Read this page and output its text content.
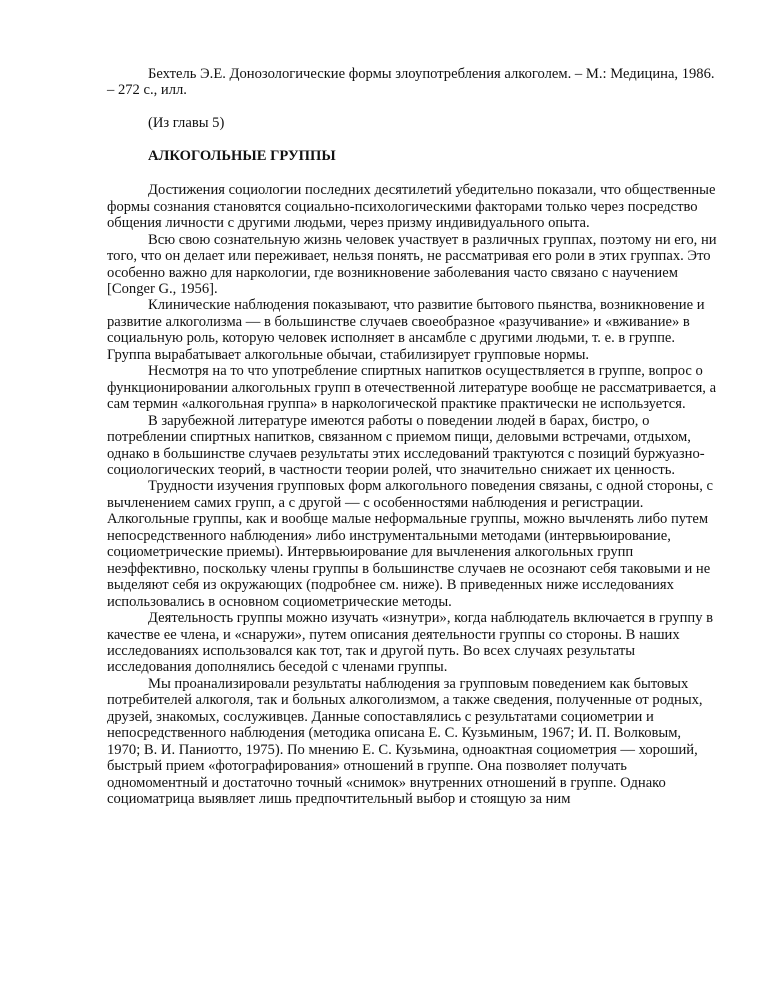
Бехтель Э.Е. Донозологические формы злоупотребления алкоголем. – М.: Медицина, 1986. – 272 с., илл.

(Из главы 5)

АЛКОГОЛЬНЫЕ ГРУППЫ

Достижения социологии последних десятилетий убедительно показали, что общественные формы сознания становятся социально-психологическими факторами только через посредство общения личности с другими людьми, через призму индивидуального опыта.

Всю свою сознательную жизнь человек участвует в различных группах, поэтому ни его, ни того, что он делает или переживает, нельзя понять, не рассматривая его роли в этих группах. Это особенно важно для наркологии, где возникновение заболевания часто связано с научением [Conger G., 1956].

Клинические наблюдения показывают, что развитие бытового пьянства, возникновение и развитие алкоголизма — в большинстве случаев своеобразное «разучивание» и «вживание» в социальную роль, которую человек исполняет в ансамбле с другими людьми, т. е. в группе. Группа вырабатывает алкогольные обычаи, стабилизирует групповые нормы.

Несмотря на то что употребление спиртных напитков осуществляется в группе, вопрос о функционировании алкогольных групп в отечественной литературе вообще не рассматривается, а сам термин «алкогольная группа» в наркологической практике практически не используется.

В зарубежной литературе имеются работы о поведении людей в барах, бистро, о потреблении спиртных напитков, связанном с приемом пищи, деловыми встречами, отдыхом, однако в большинстве случаев результаты этих исследований трактуются с позиций буржуазно-социологических теорий, в частности теории ролей, что значительно снижает их ценность.

Трудности изучения групповых форм алкогольного поведения связаны, с одной стороны, с вычленением самих групп, а с другой — с особенностями наблюдения и регистрации. Алкогольные группы, как и вообще малые неформальные группы, можно вычленять либо путем непосредственного наблюдения» либо инструментальными методами (интервьюирование, социометрические приемы). Интервьюирование для вычленения алкогольных групп неэффективно, поскольку члены группы в большинстве случаев не осознают себя таковыми и не выделяют себя из окружающих (подробнее см. ниже). В приведенных ниже исследованиях использовались в основном социометрические методы.

Деятельность группы можно изучать «изнутри», когда наблюдатель включается в группу в качестве ее члена, и «снаружи», путем описания деятельности группы со стороны. В наших исследованиях использовался как тот, так и другой путь. Во всех случаях результаты исследования дополнялись беседой с членами группы.

Мы проанализировали результаты наблюдения за групповым поведением как бытовых потребителей алкоголя, так и больных алкоголизмом, а также сведения, полученные от родных, друзей, знакомых, сослуживцев. Данные сопоставлялись с результатами социометрии и непосредственного наблюдения (методика описана Е. С. Кузьминым, 1967; И. П. Волковым, 1970; В. И. Паниотто, 1975). По мнению Е. С. Кузьмина, одноактная социометрия — хороший, быстрый прием «фотографирования» отношений в группе. Она позволяет получать одномоментный и достаточно точный «снимок» внутренних отношений в группе. Однако социоматрица выявляет лишь предпочтительный выбор и стоящую за ним
